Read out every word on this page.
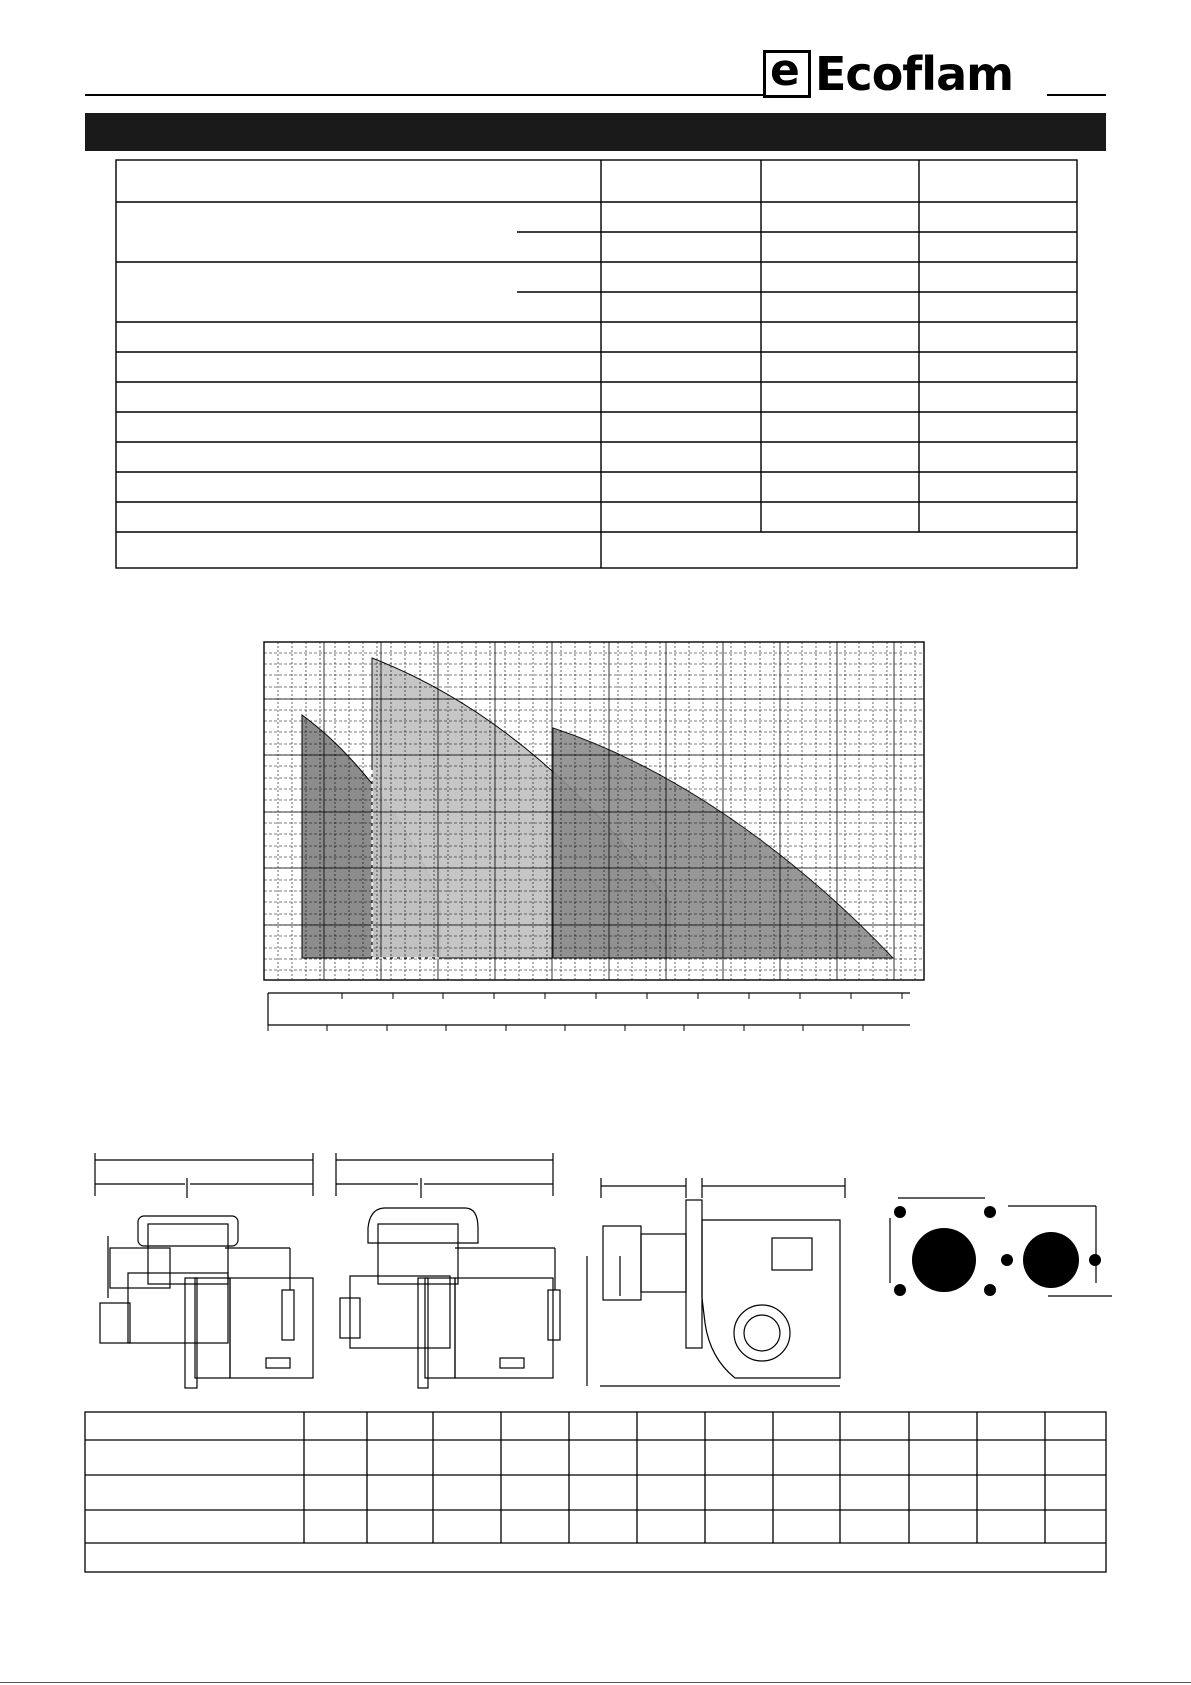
e Ecoflam
